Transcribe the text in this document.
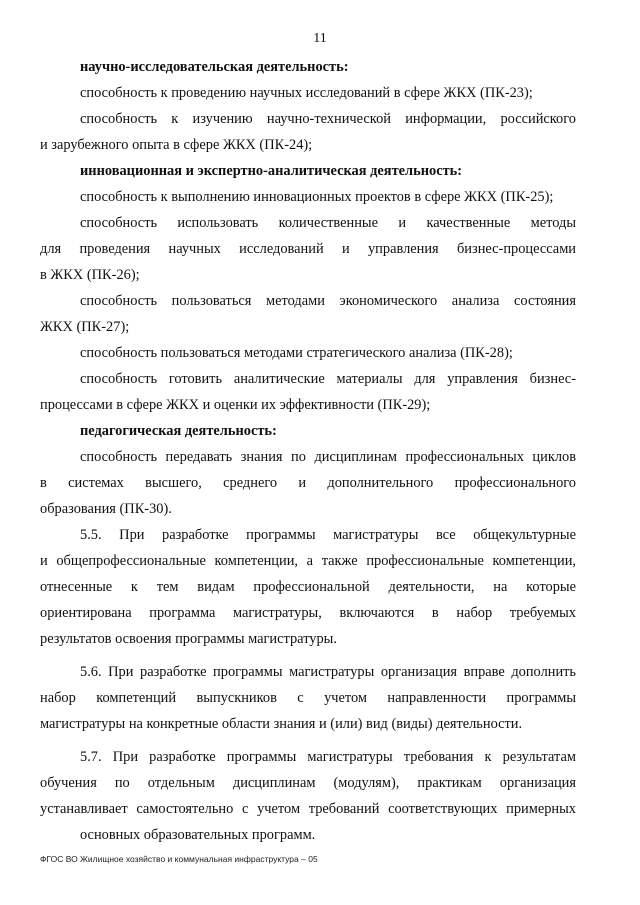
11
научно-исследовательская деятельность:
способность к проведению научных исследований в сфере ЖКХ (ПК-23);
способность к изучению научно-технической информации, российского
и зарубежного опыта в сфере ЖКХ (ПК-24);
инновационная и экспертно-аналитическая деятельность:
способность к выполнению инновационных проектов в сфере ЖКХ (ПК-25);
способность использовать количественные и качественные методы
для проведения научных исследований и управления бизнес-процессами
в ЖКХ (ПК-26);
способность пользоваться методами экономического анализа состояния
ЖКХ (ПК-27);
способность пользоваться методами стратегического анализа (ПК-28);
способность готовить аналитические материалы для управления бизнес-
процессами в сфере ЖКХ и оценки их эффективности (ПК-29);
педагогическая деятельность:
способность передавать знания по дисциплинам профессиональных циклов
в системах высшего, среднего и дополнительного профессионального
образования (ПК-30).
5.5. При разработке программы магистратуры все общекультурные
и общепрофессиональные компетенции, а также профессиональные компетенции,
отнесенные к тем видам профессиональной деятельности, на которые
ориентирована программа магистратуры, включаются в набор требуемых
результатов освоения программы магистратуры.
5.6. При разработке программы магистратуры организация вправе дополнить
набор компетенций выпускников с учетом направленности программы
магистратуры на конкретные области знания и (или) вид (виды) деятельности.
5.7. При разработке программы магистратуры требования к результатам
обучения по отдельным дисциплинам (модулям), практикам организация
устанавливает самостоятельно с учетом требований соответствующих примерных
основных образовательных программ.
ФГОС ВО Жилищное хозяйство и коммунальная инфраструктура – 05
